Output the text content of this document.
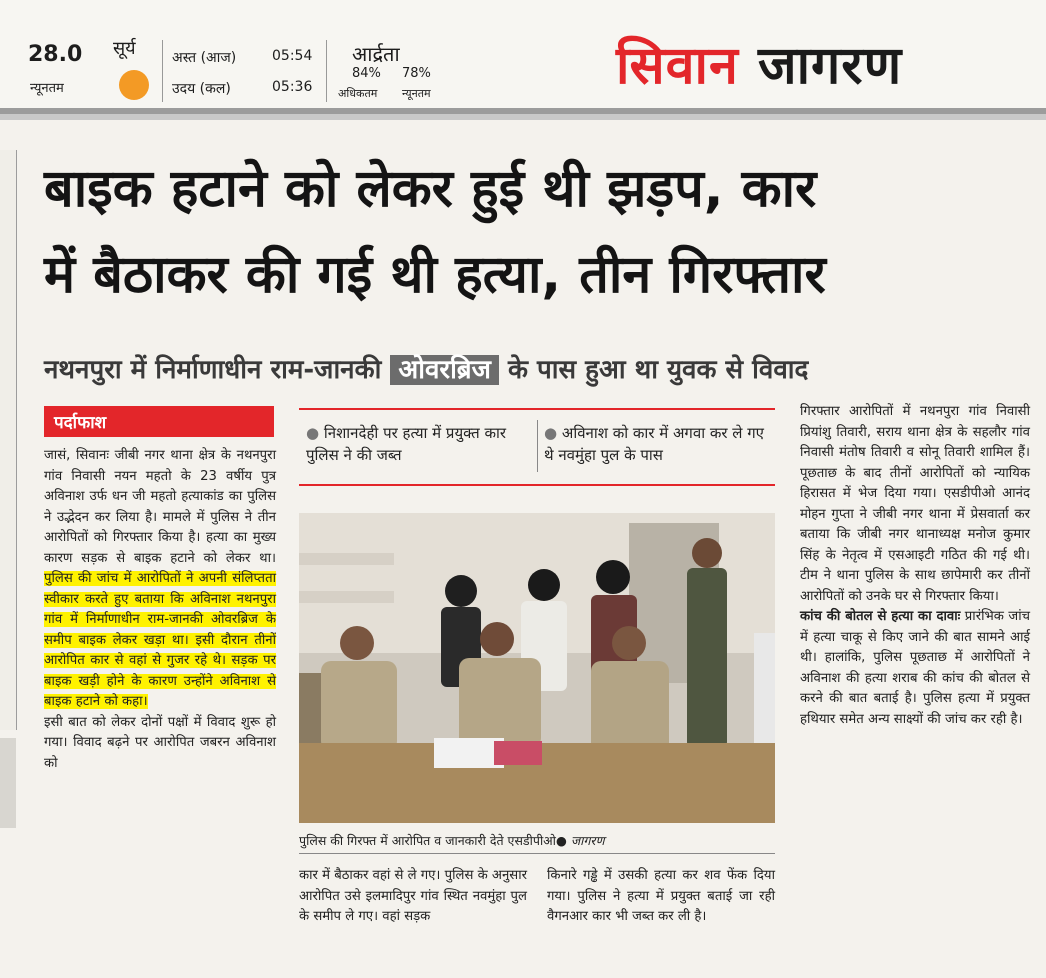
28.0
न्यूनतम
सूर्य	अस्त (आज)	05:54
उदय (कल)	05:36
आर्द्रता
84% 78%
अधिकतम न्यूनतम	सिवान जागरण
बाइक हटाने को लेकर हुई थी झड़प, कार
में बैठाकर की गई थी हत्या, तीन गिरफ्तार
नथनपुरा में निर्माणाधीन राम-जानकी ओवरब्रिज के पास हुआ था युवक से विवाद
पर्दाफाश

जासं, सिवानः जीबी नगर थाना क्षेत्र के नथनपुरा गांव निवासी नयन महतो के 23 वर्षीय पुत्र अविनाश उर्फ धन जी महतो हत्याकांड का पुलिस ने उद्भेदन कर लिया है। मामले में पुलिस ने तीन आरोपितों को गिरफ्तार किया है। हत्या का मुख्य कारण सड़क से बाइक हटाने को लेकर था। पुलिस की जांच में आरोपितों ने अपनी संलिप्तता स्वीकार करते हुए बताया कि अविनाश नथनपुरा गांव में निर्माणाधीन राम-जानकी ओवरब्रिज के समीप बाइक लेकर खड़ा था। इसी दौरान तीनों आरोपित कार से वहां से गुजर रहे थे। सड़क पर बाइक खड़ी होने के कारण उन्होंने अविनाश से बाइक हटाने को कहा।

इसी बात को लेकर दोनों पक्षों में विवाद शुरू हो गया। विवाद बढ़ने पर आरोपित जबरन अविनाश को

● निशानदेही पर हत्या में प्रयुक्त कार पुलिस ने की जब्त
● अविनाश को कार में अगवा कर ले गए थे नवमुंहा पुल के पास
पुलिस की गिरफ्त में आरोपित व जानकारी देते एसडीपीओ● जागरण

कार में बैठाकर वहां से ले गए। पुलिस के अनुसार आरोपित उसे इलमादिपुर गांव स्थित नवमुंहा पुल के समीप ले गए। वहां सड़क

किनारे गड्ढे में उसकी हत्या कर शव फेंक दिया गया। पुलिस ने हत्या में प्रयुक्त बताई जा रही वैगनआर कार भी जब्त कर ली है।

गिरफ्तार आरोपितों में नथनपुरा गांव निवासी प्रियांशु तिवारी, सराय थाना क्षेत्र के सहलौर गांव निवासी मंतोष तिवारी व सोनू तिवारी शामिल हैं। पूछताछ के बाद तीनों आरोपितों को न्यायिक हिरासत में भेज दिया गया। एसडीपीओ आनंद मोहन गुप्ता ने जीबी नगर थाना में प्रेसवार्ता कर बताया कि जीबी नगर थानाध्यक्ष मनोज कुमार सिंह के नेतृत्व में एसआइटी गठित की गई थी। टीम ने थाना पुलिस के साथ छापेमारी कर तीनों आरोपितों को उनके घर से गिरफ्तार किया।

कांच की बोतल से हत्या का दावाः प्रारंभिक जांच में हत्या चाकू से किए जाने की बात सामने आई थी। हालांकि, पुलिस पूछताछ में आरोपितों ने अविनाश की हत्या शराब की कांच की बोतल से करने की बात बताई है। पुलिस हत्या में प्रयुक्त हथियार समेत अन्य साक्ष्यों की जांच कर रही है।
